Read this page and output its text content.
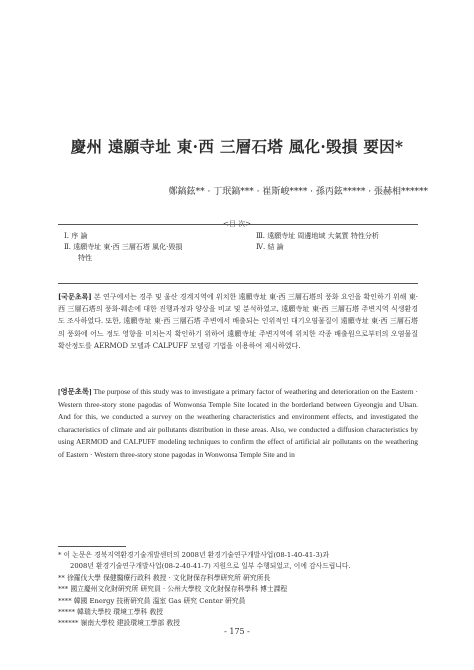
慶州 遠願寺址 東·西 三層石塔 風化·毁損 要因*
鄭鎬鉉** · 丁珉鎬*** · 崔斯峻**** · 孫丙鉉***** · 張赫相******
<目 次>
Ⅰ. 序 論
Ⅱ. 遠願寺址 東·西 三層石塔 風化·毁損
特性
Ⅲ. 遠願寺址 周邊地域 大氣質 特性分析
Ⅳ. 結 論
[국문초록] 본 연구에서는 경주 및 울산 경계지역에 위치한 遠願寺址 東·西 三層石塔의 풍화 요인을 확인하기 위해 東·西 三層石塔의 풍화·훼손에 대한 진행과정과 양상을 비교 및 분석하였고, 遠願寺址 東·西 三層石塔 주변지역 식생환경도 조사하였다. 또한, 遠願寺址 東·西 三層石塔 주변에서 배출되는 인위적인 대기오염물질이 遠願寺址 東·西 三層石塔의 풍화에 어느 정도 영향을 미치는지 확인하기 위하여 遠願寺址 주변지역에 위치한 각종 배출원으로부터의 오염물질 확산정도를 AERMOD 모델과 CALPUFF 모델링 기법을 이용하여 제시하였다.
[영문초록] The purpose of this study was to investigate a primary factor of weathering and deterioration on the Eastern · Western three-story stone pagodas of Wonwonsa Temple Site located in the borderland between Gyeongju and Ulsan. And for this, we conducted a survey on the weathering characteristics and environment effects, and investigated the characteristics of climate and air pollutants distribution in these areas. Also, we conducted a diffusion characteristics by using AERMOD and CALPUFF modeling techniques to confirm the effect of artificial air pollutants on the weathering of Eastern · Western three-story stone pagodas in Wonwonsa Temple Site and in
* 이 논문은 경북지역환경기술개발센터의 2008년 환경기술연구개발사업(08-1-40-41-3)과
2008년 환경기술연구개발사업(08-2-40-41-7) 지원으로 일부 수행되었고, 이에 감사드립니다.
** 徐羅伐大學 保健醫療行政科 敎授 · 文化財保存科學硏究所 硏究所長
*** 國立慶州文化財硏究所 硏究員 · 公州大學校 文化財保存科學科 博士課程
**** 韓國 Energy 技術硏究員 溫室 Gas 硏究 Center 硏究員
***** 韓瑞大學校 環境工學科 敎授
****** 嶺南大學校 建設環境工學部 敎授
- 175 -
